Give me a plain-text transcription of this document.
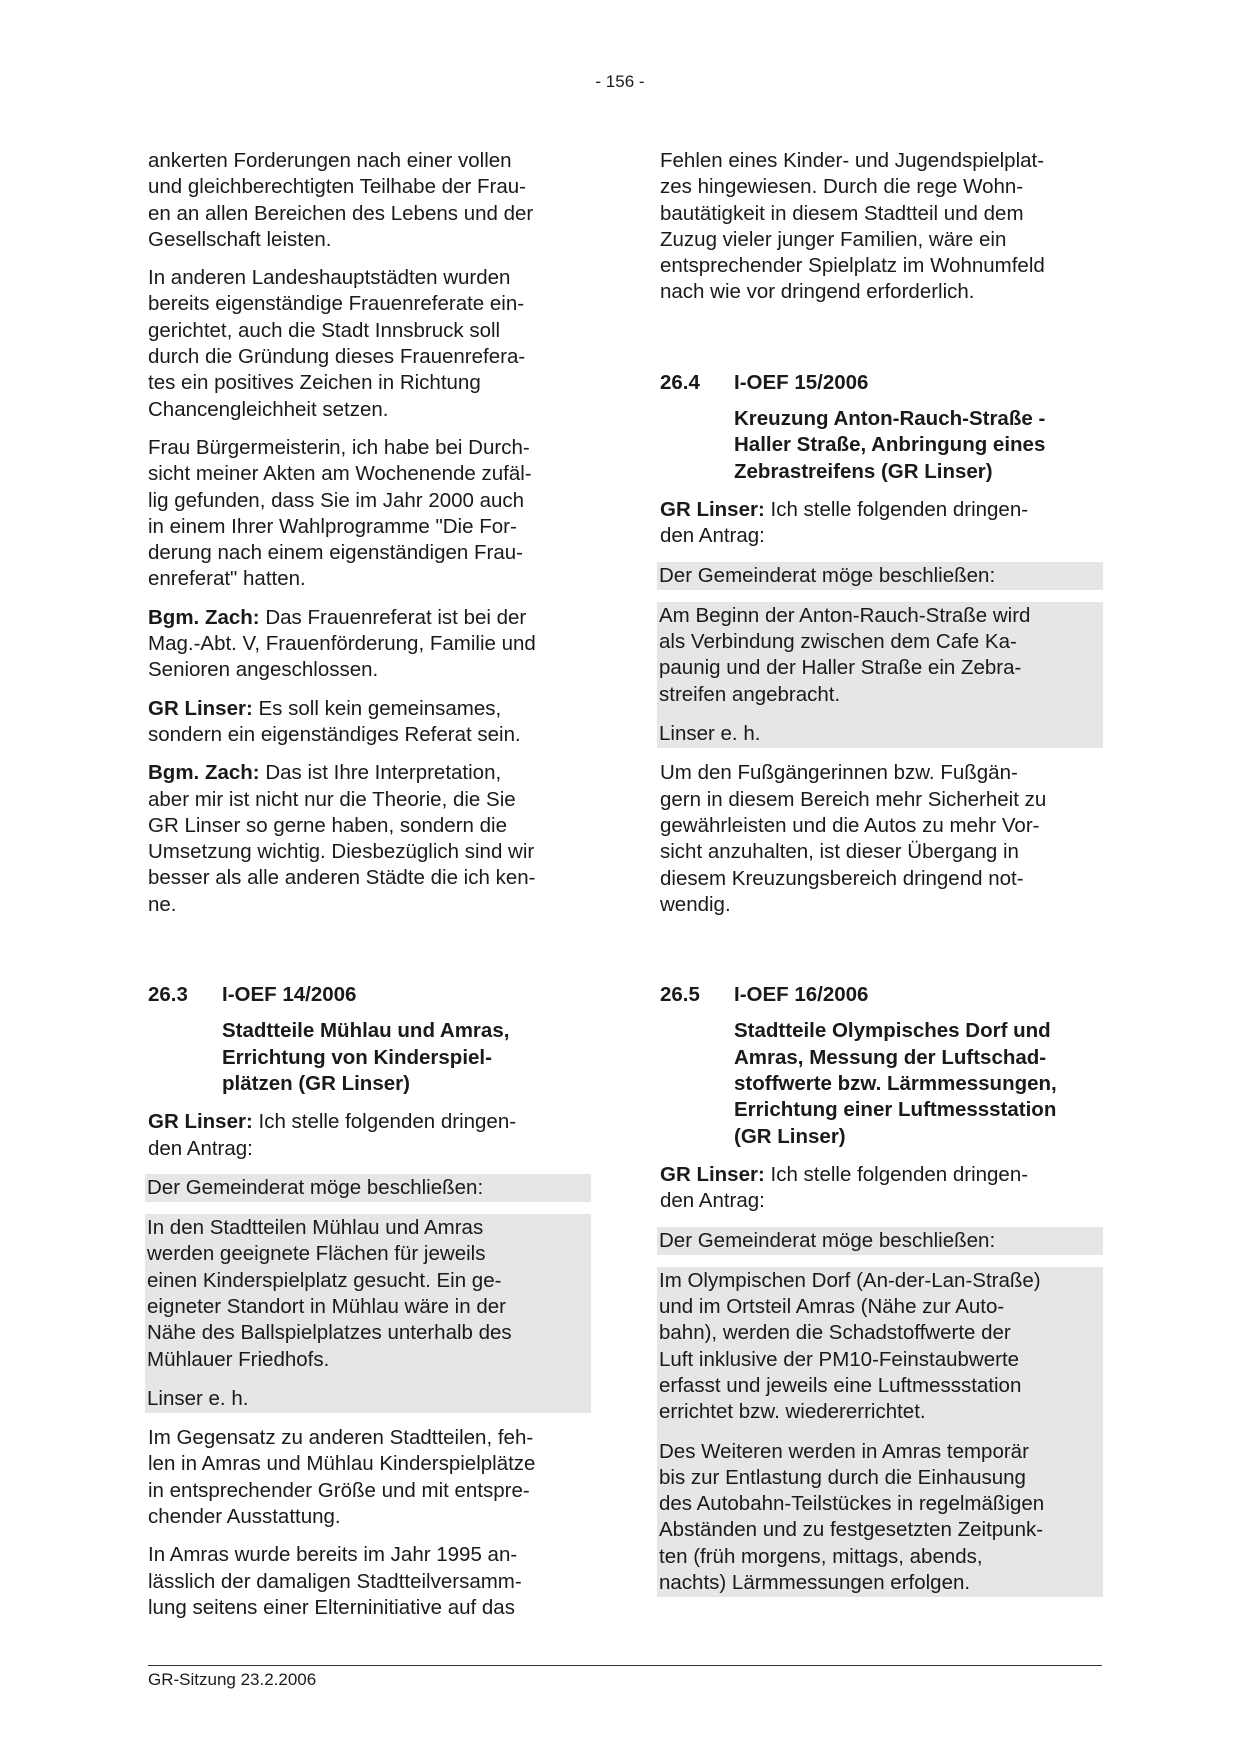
- 156 -
ankerten Forderungen nach einer vollen
und gleichberechtigten Teilhabe der Frau-
en an allen Bereichen des Lebens und der
Gesellschaft leisten.
In anderen Landeshauptstädten wurden
bereits eigenständige Frauenreferate ein-
gerichtet, auch die Stadt Innsbruck soll
durch die Gründung dieses Frauenrefera-
tes ein positives Zeichen in Richtung
Chancengleichheit setzen.
Frau Bürgermeisterin, ich habe bei Durch-
sicht meiner Akten am Wochenende zufäl-
lig gefunden, dass Sie im Jahr 2000 auch
in einem Ihrer Wahlprogramme "Die For-
derung nach einem eigenständigen Frau-
enreferat" hatten.
Bgm. Zach: Das Frauenreferat ist bei der
Mag.-Abt. V, Frauenförderung, Familie und
Senioren angeschlossen.
GR Linser: Es soll kein gemeinsames,
sondern ein eigenständiges Referat sein.
Bgm. Zach: Das ist Ihre Interpretation,
aber mir ist nicht nur die Theorie, die Sie
GR Linser so gerne haben, sondern die
Umsetzung wichtig. Diesbezüglich sind wir
besser als alle anderen Städte die ich ken-
ne.
26.3 I-OEF 14/2006
Stadtteile Mühlau und Amras,
Errichtung von Kinderspiel-
plätzen (GR Linser)
GR Linser: Ich stelle folgenden dringen-
den Antrag:
Der Gemeinderat möge beschließen:
In den Stadtteilen Mühlau und Amras
werden geeignete Flächen für jeweils
einen Kinderspielplatz gesucht. Ein ge-
eigneter Standort in Mühlau wäre in der
Nähe des Ballspielplatzes unterhalb des
Mühlauer Friedhofs.
Linser e. h.
Im Gegensatz zu anderen Stadtteilen, feh-
len in Amras und Mühlau Kinderspielplätze
in entsprechender Größe und mit entspre-
chender Ausstattung.
In Amras wurde bereits im Jahr 1995 an-
lässlich der damaligen Stadtteilversamm-
lung seitens einer Elterninitiative auf das
Fehlen eines Kinder- und Jugendspielplat-
zes hingewiesen. Durch die rege Wohn-
bautätigkeit in diesem Stadtteil und dem
Zuzug vieler junger Familien, wäre ein
entsprechender Spielplatz im Wohnumfeld
nach wie vor dringend erforderlich.
26.4 I-OEF 15/2006
Kreuzung Anton-Rauch-Straße -
Haller Straße, Anbringung eines
Zebrastreifens (GR Linser)
GR Linser: Ich stelle folgenden dringen-
den Antrag:
Der Gemeinderat möge beschließen:
Am Beginn der Anton-Rauch-Straße wird
als Verbindung zwischen dem Cafe Ka-
paunig und der Haller Straße ein Zebra-
streifen angebracht.
Linser e. h.
Um den Fußgängerinnen bzw. Fußgän-
gern in diesem Bereich mehr Sicherheit zu
gewährleisten und die Autos zu mehr Vor-
sicht anzuhalten, ist dieser Übergang in
diesem Kreuzungsbereich dringend not-
wendig.
26.5 I-OEF 16/2006
Stadtteile Olympisches Dorf und
Amras, Messung der Luftschad-
stoffwerte bzw. Lärmmessungen,
Errichtung einer Luftmessstation
(GR Linser)
GR Linser: Ich stelle folgenden dringen-
den Antrag:
Der Gemeinderat möge beschließen:
Im Olympischen Dorf (An-der-Lan-Straße)
und im Ortsteil Amras (Nähe zur Auto-
bahn), werden die Schadstoffwerte der
Luft inklusive der PM10-Feinstaubwerte
erfasst und jeweils eine Luftmessstation
errichtet bzw. wiedererrichtet.
Des Weiteren werden in Amras temporär
bis zur Entlastung durch die Einhausung
des Autobahn-Teilstückes in regelmäßigen
Abständen und zu festgesetzten Zeitpunk-
ten (früh morgens, mittags, abends,
nachts) Lärmmessungen erfolgen.
GR-Sitzung 23.2.2006
